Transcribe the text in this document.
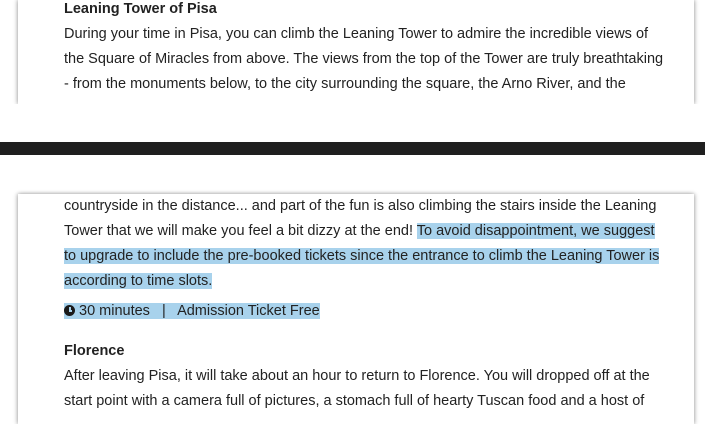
Leaning Tower of Pisa
During your time in Pisa, you can climb the Leaning Tower to admire the incredible views of
the Square of Miracles from above. The views from the top of the Tower are truly breathtaking
- from the monuments below, to the city surrounding the square, the Arno River, and the
countryside in the distance... and part of the fun is also climbing the stairs inside the Leaning
Tower that we will make you feel a bit dizzy at the end! To avoid disappointment, we suggest
to upgrade to include the pre-booked tickets since the entrance to climb the Leaning Tower is
according to time slots.
30 minutes   |   Admission Ticket Free
Florence
After leaving Pisa, it will take about an hour to return to Florence. You will dropped off at the
start point with a camera full of pictures, a stomach full of hearty Tuscan food and a host of
